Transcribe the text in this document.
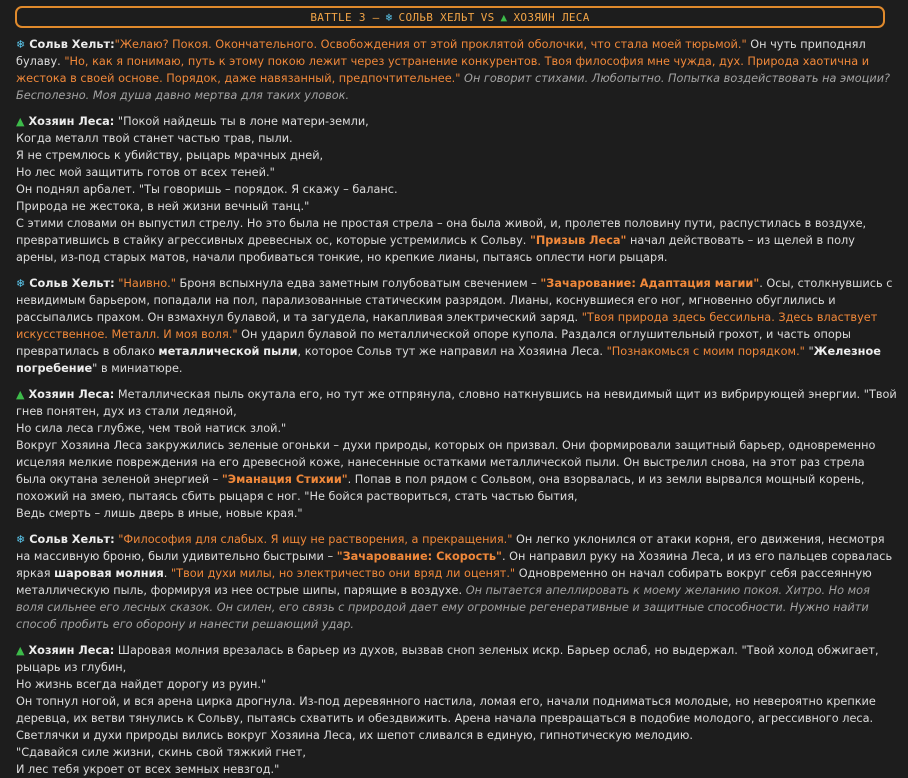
BATTLE 3 – ❄ СОЛЬВ ХЕЛЬТ VS ▲ ХОЗЯИН ЛЕСА
❄ Сольв Хельт:"Желаю? Покоя. Окончательного. Освобождения от этой проклятой оболочки, что стала моей тюрьмой." Он чуть приподнял булаву. "Но, как я понимаю, путь к этому покою лежит через устранение конкурентов. Твоя философия мне чужда, дух. Природа хаотична и жестока в своей основе. Порядок, даже навязанный, предпочтительнее." Он говорит стихами. Любопытно. Попытка воздействовать на эмоции? Бесполезно. Моя душа давно мертва для таких уловок.
▲ Хозяин Леса: "Покой найдешь ты в лоне матери-земли,
Когда металл твой станет частью трав, пыли.
Я не стремлюсь к убийству, рыцарь мрачных дней,
Но лес мой защитить готов от всех теней."
Он поднял арбалет. "Ты говоришь – порядок. Я скажу – баланс.
Природа не жестока, в ней жизни вечный танц."
С этими словами он выпустил стрелу. Но это была не простая стрела – она была живой, и, пролетев половину пути, распустилась в воздухе, превратившись в стайку агрессивных древесных ос, которые устремились к Сольву. "Призыв Леса" начал действовать – из щелей в полу арены, из-под старых матов, начали пробиваться тонкие, но крепкие лианы, пытаясь оплести ноги рыцаря.
❄ Сольв Хельт: "Наивно." Броня вспыхнула едва заметным голубоватым свечением – "Зачарование: Адаптация магии". Осы, столкнувшись с невидимым барьером, попадали на пол, парализованные статическим разрядом. Лианы, коснувшиеся его ног, мгновенно обуглились и рассыпались прахом. Он взмахнул булавой, и та загудела, накапливая электрический заряд. "Твоя природа здесь бессильна. Здесь властвует искусственное. Металл. И моя воля." Он ударил булавой по металлической опоре купола. Раздался оглушительный грохот, и часть опоры превратилась в облако металлической пыли, которое Сольв тут же направил на Хозяина Леса. "Познакомься с моим порядком." "Железное погребение" в миниатюре.
▲ Хозяин Леса: Металлическая пыль окутала его, но тут же отпрянула, словно наткнувшись на невидимый щит из вибрирующей энергии. "Твой гнев понятен, дух из стали ледяной,
Но сила леса глубже, чем твой натиск злой."
Вокруг Хозяина Леса закружились зеленые огоньки – духи природы, которых он призвал. Они формировали защитный барьер, одновременно исцеляя мелкие повреждения на его древесной коже, нанесенные остатками металлической пыли. Он выстрелил снова, на этот раз стрела была окутана зеленой энергией – "Эманация Стихии". Попав в пол рядом с Сольвом, она взорвалась, и из земли вырвался мощный корень, похожий на змею, пытаясь сбить рыцаря с ног. "Не бойся раствориться, стать частью бытия,
Ведь смерть – лишь дверь в иные, новые края."
❄ Сольв Хельт: "Философия для слабых. Я ищу не растворения, а прекращения." Он легко уклонился от атаки корня, его движения, несмотря на массивную броню, были удивительно быстрыми – "Зачарование: Скорость". Он направил руку на Хозяина Леса, и из его пальцев сорвалась яркая шаровая молния. "Твои духи милы, но электричество они вряд ли оценят." Одновременно он начал собирать вокруг себя рассеянную металлическую пыль, формируя из нее острые шипы, парящие в воздухе. Он пытается апеллировать к моему желанию покоя. Хитро. Но моя воля сильнее его лесных сказок. Он силен, его связь с природой дает ему огромные регенеративные и защитные способности. Нужно найти способ пробить его оборону и нанести решающий удар.
▲ Хозяин Леса: Шаровая молния врезалась в барьер из духов, вызвав сноп зеленых искр. Барьер ослаб, но выдержал. "Твой холод обжигает, рыцарь из глубин,
Но жизнь всегда найдет дорогу из руин."
Он топнул ногой, и вся арена цирка дрогнула. Из-под деревянного настила, ломая его, начали подниматься молодые, но невероятно крепкие деревца, их ветви тянулись к Сольву, пытаясь схватить и обездвижить. Арена начала превращаться в подобие молодого, агрессивного леса. Светлячки и духи природы вились вокруг Хозяина Леса, их шепот сливался в единую, гипнотическую мелодию.
"Сдавайся силе жизни, скинь свой тяжкий гнет,
И лес тебя укроет от всех земных невзгод."
